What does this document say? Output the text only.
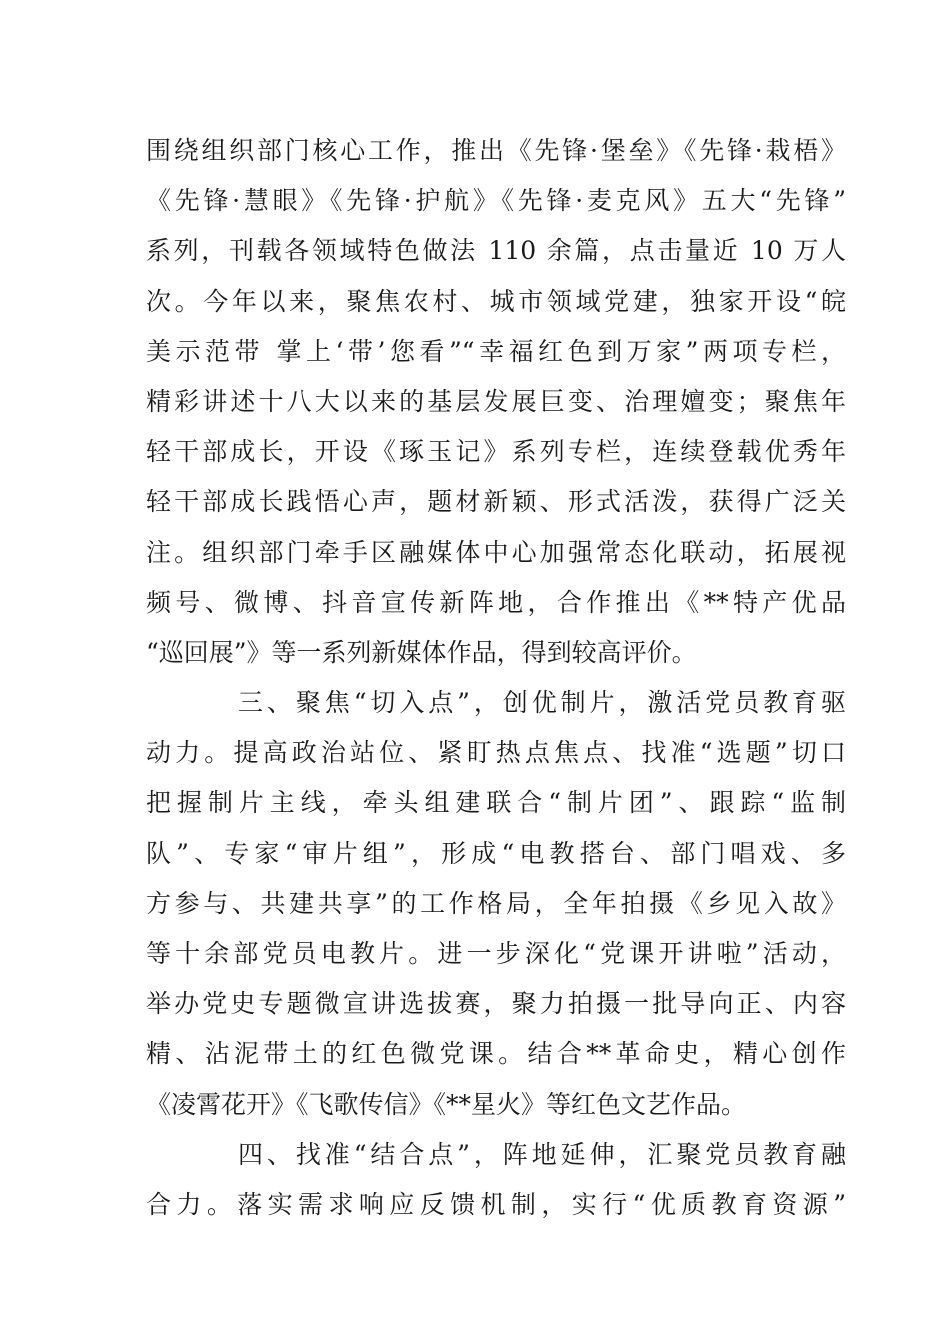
围绕组织部门核心工作，推出《先锋·堡垒》《先锋·栽梧》
《先锋·慧眼》《先锋·护航》《先锋·麦克风》五大“先锋”
系列，刊载各领域特色做法 110 余篇，点击量近 10 万人
次。今年以来，聚焦农村、城市领域党建，独家开设“皖
美示范带 掌上‘带’您看”“幸福红色到万家”两项专栏，
精彩讲述十八大以来的基层发展巨变、治理嬗变；聚焦年
轻干部成长，开设《琢玉记》系列专栏，连续登载优秀年
轻干部成长践悟心声，题材新颖、形式活泼，获得广泛关
注。组织部门牵手区融媒体中心加强常态化联动，拓展视
频号、微博、抖音宣传新阵地，合作推出《**特产优品
“巡回展”》等一系列新媒体作品，得到较高评价。
三、聚焦“切入点”，创优制片，激活党员教育驱
动力。提高政治站位、紧盯热点焦点、找准“选题”切口
把握制片主线，牵头组建联合“制片团”、跟踪“监制
队”、专家“审片组”，形成“电教搭台、部门唱戏、多
方参与、共建共享”的工作格局，全年拍摄《乡见入故》
等十余部党员电教片。进一步深化“党课开讲啦”活动，
举办党史专题微宣讲选拔赛，聚力拍摄一批导向正、内容
精、沾泥带土的红色微党课。结合**革命史，精心创作
《凌霄花开》《飞歌传信》《**星火》等红色文艺作品。
四、找准“结合点”，阵地延伸，汇聚党员教育融
合力。落实需求响应反馈机制，实行“优质教育资源”
